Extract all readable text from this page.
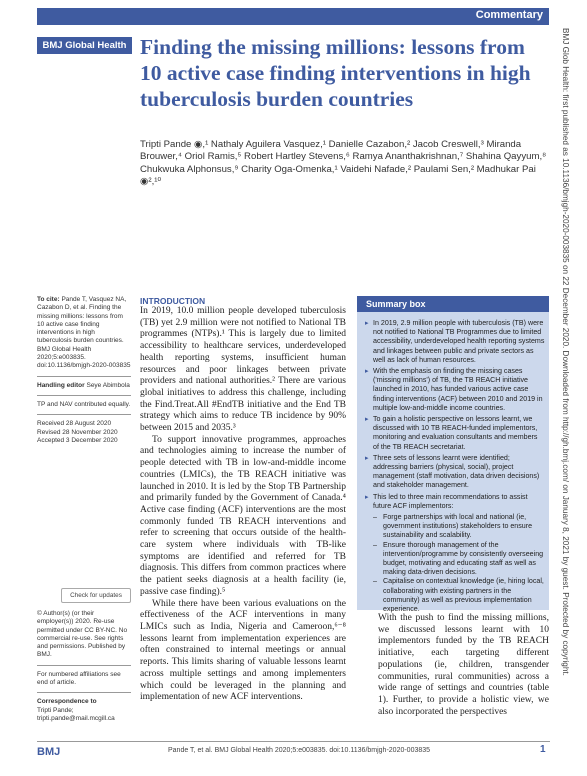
Commentary
BMJ Global Health Finding the missing millions: lessons from 10 active case finding interventions in high tuberculosis burden countries
Tripti Pande ◉,¹ Nathaly Aguilera Vasquez,¹ Danielle Cazabon,² Jacob Creswell,³ Miranda Brouwer,⁴ Oriol Ramis,⁵ Robert Hartley Stevens,⁶ Ramya Ananthakrishnan,⁷ Shahina Qayyum,⁸ Chukwuka Alphonsus,⁹ Charity Oga-Omenka,¹ Vaidehi Nafade,² Paulami Sen,² Madhukar Pai ◉²,¹⁰
To cite: Pande T, Vasquez NA, Cazabon D, et al. Finding the missing millions: lessons from 10 active case finding interventions in high tuberculosis burden countries. BMJ Global Health 2020;5:e003835. doi:10.1136/bmjgh-2020-003835
Handling editor Seye Abimbola
TP and NAV contributed equally.
Received 28 August 2020
Revised 28 November 2020
Accepted 3 December 2020
Check for updates
© Author(s) (or their employer(s)) 2020. Re-use permitted under CC BY-NC. No commercial re-use. See rights and permissions. Published by BMJ.
For numbered affiliations see end of article.
Correspondence to
Tripti Pande;
tripti.pande@mail.mcgill.ca
INTRODUCTION

In 2019, 10.0 million people developed tuberculosis (TB) yet 2.9 million were not notified to National TB programmes (NTPs).¹ This is largely due to limited accessibility to healthcare services, underdeveloped health reporting systems, insufficient human resources and poor linkages between private providers and national authorities.² There are various global initiatives to address this challenge, including the Find.Treat.All #EndTB initiative and the End TB strategy which aims to reduce TB incidence by 90% between 2015 and 2035.³

To support innovative programmes, approaches and technologies aiming to increase the number of people detected with TB in low-and-middle income countries (LMICs), the TB REACH initiative was launched in 2010. It is led by the Stop TB Partnership and primarily funded by the Government of Canada.⁴ Active case finding (ACF) interventions are the most commonly funded TB REACH interventions and refer to screening that occurs outside of the health-care system where individuals with TB-like symptoms are identified and referred for TB diagnosis. This differs from common practices where the patient seeks diagnosis at a health facility (ie, passive case finding).⁵

While there have been various evaluations on the effectiveness of the ACF interventions in many LMICs such as India, Nigeria and Cameroon,⁶⁻⁸ lessons learnt from implementation experiences are often constrained to internal meetings or annual reports. This limits sharing of valuable lessons learnt across multiple settings and among implementers which could be leveraged in the planning and implementation of new ACF interventions.

Summary box
▸ In 2019, 2.9 million people with tuberculosis (TB) were not notified to National TB Programmes due to limited accessibility, underdeveloped health reporting systems and linkages between public and private sectors as well as lack of human resources.
▸ With the emphasis on finding the missing cases ('missing millions') of TB, the TB REACH initiative launched in 2010, has funded various active case finding interventions (ACF) between 2010 and 2019 in multiple low-and-middle income countries.
▸ To gain a holistic perspective on lessons learnt, we discussed with 10 TB REACH-funded implementors, monitoring and evaluation consultants and members of the TB REACH secretariat.
▸ Three sets of lessons learnt were identified; addressing barriers (physical, social), project management (staff motivation, data driven decisions) and stakeholder management.
▸ This led to three main recommendations to assist future ACF implementors:
– Forge partnerships with local and national (ie, government institutions) stakeholders to ensure sustainability and scalability.
– Ensure thorough management of the intervention/programme by consistently overseeing budget, motivating and educating staff as well as making data-driven decisions.
– Capitalise on contextual knowledge (ie, hiring local, collaborating with existing partners in the community) as well as previous implementation experience.
With the push to find the missing millions, we discussed lessons learnt with 10 implementors funded by the TB REACH initiative, each targeting different populations (ie, children, transgender communities, rural communities) across a wide range of settings and countries (table 1). Further, to provide a holistic view, we also incorporated the perspectives
BMJ Glob Health: first published as 10.1136/bmjgh-2020-003835 on 22 December 2020. Downloaded from http://gh.bmj.com/ on January 8, 2021 by guest. Protected by copyright.
BMJ	Pande T, et al. BMJ Global Health 2020;5:e003835. doi:10.1136/bmjgh-2020-003835	1
